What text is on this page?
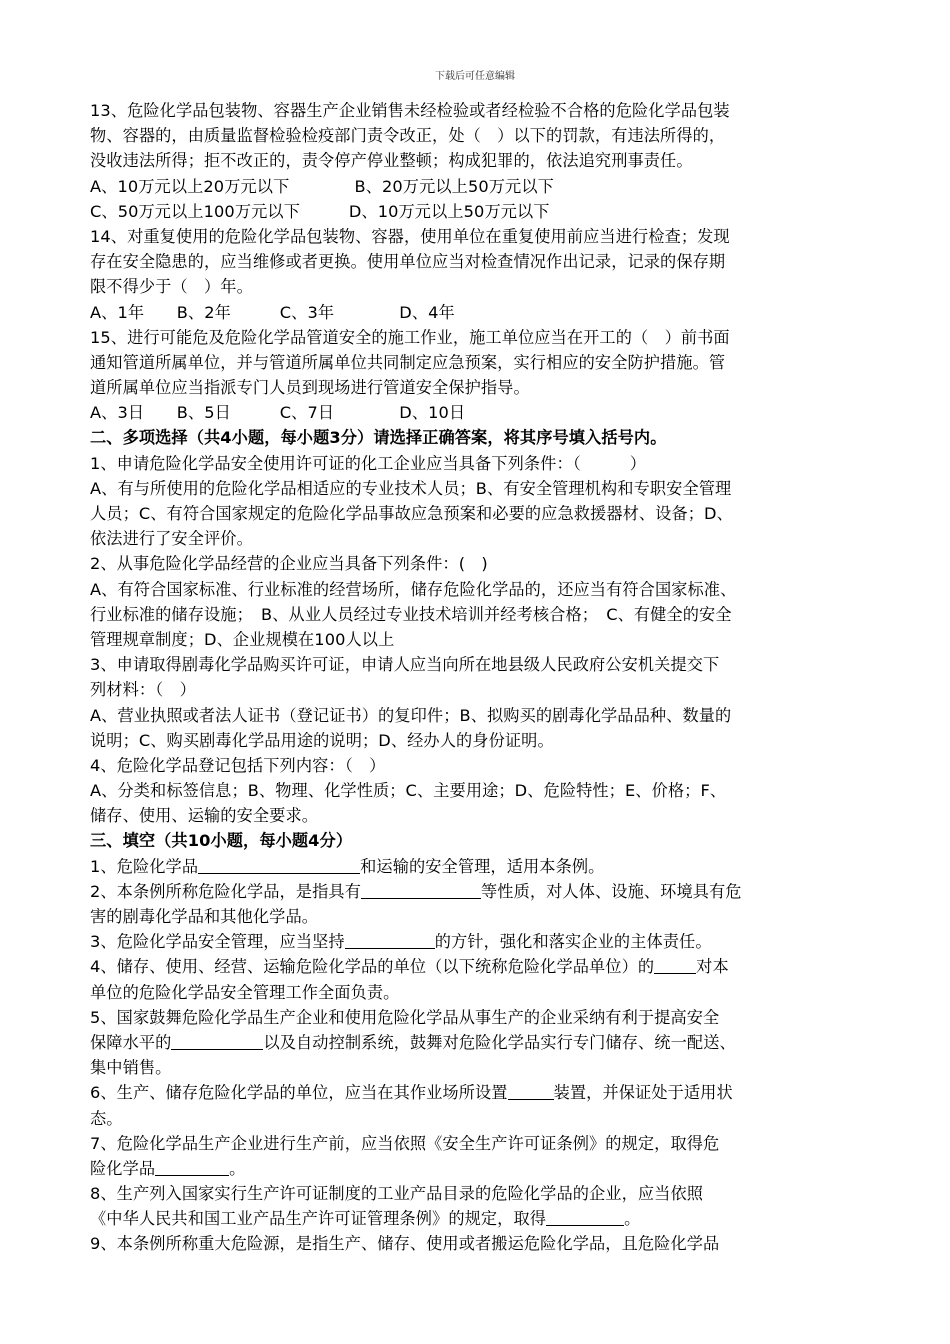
下载后可任意编辑
13、危险化学品包装物、容器生产企业销售未经检验或者经检验不合格的危险化学品包装
物、容器的，由质量监督检验检疫部门责令改正，处（　）以下的罚款，有违法所得的，
没收违法所得；拒不改正的，责令停产停业整顿；构成犯罪的，依法追究刑事责任。
A、10万元以上20万元以下　　　　B、20万元以上50万元以下
C、50万元以上100万元以下　　　D、10万元以上50万元以下
14、对重复使用的危险化学品包装物、容器，使用单位在重复使用前应当进行检查；发现
存在安全隐患的，应当维修或者更换。使用单位应当对检查情况作出记录，记录的保存期
限不得少于（　）年。
A、1年　　B、2年　　　C、3年　　　　D、4年
15、进行可能危及危险化学品管道安全的施工作业，施工单位应当在开工的（　）前书面
通知管道所属单位，并与管道所属单位共同制定应急预案，实行相应的安全防护措施。管
道所属单位应当指派专门人员到现场进行管道安全保护指导。
A、3日　　B、5日　　　C、7日　　　　D、10日
二、多项选择（共4小题，每小题3分）请选择正确答案，将其序号填入括号内。
1、申请危险化学品安全使用许可证的化工企业应当具备下列条件：（　　　）
A、有与所使用的危险化学品相适应的专业技术人员；B、有安全管理机构和专职安全管理
人员；C、有符合国家规定的危险化学品事故应急预案和必要的应急救援器材、设备；D、
依法进行了安全评价。
2、从事危险化学品经营的企业应当具备下列条件：(　)
A、有符合国家标准、行业标准的经营场所，储存危险化学品的，还应当有符合国家标准、
行业标准的储存设施；　B、从业人员经过专业技术培训并经考核合格；　C、有健全的安全
管理规章制度；D、企业规模在100人以上
3、申请取得剧毒化学品购买许可证，申请人应当向所在地县级人民政府公安机关提交下
列材料：（　）
A、营业执照或者法人证书（登记证书）的复印件；B、拟购买的剧毒化学品品种、数量的
说明；C、购买剧毒化学品用途的说明；D、经办人的身份证明。
4、危险化学品登记包括下列内容：（　）
A、分类和标签信息；B、物理、化学性质；C、主要用途；D、危险特性；E、价格；F、
储存、使用、运输的安全要求。
三、填空（共10小题，每小题4分）
1、危险化学品	和运输的安全管理，适用本条例。
2、本条例所称危险化学品，是指具有	等性质，对人体、设施、环境具有危
害的剧毒化学品和其他化学品。
3、危险化学品安全管理，应当坚持	的方针，强化和落实企业的主体责任。
4、储存、使用、经营、运输危险化学品的单位（以下统称危险化学品单位）的	对本
单位的危险化学品安全管理工作全面负责。
5、国家鼓舞危险化学品生产企业和使用危险化学品从事生产的企业采纳有利于提高安全
保障水平的	以及自动控制系统，鼓舞对危险化学品实行专门储存、统一配送、
集中销售。
6、生产、储存危险化学品的单位，应当在其作业场所设置	装置，并保证处于适用状
态。
7、危险化学品生产企业进行生产前，应当依照《安全生产许可证条例》的规定，取得危
险化学品	。
8、生产列入国家实行生产许可证制度的工业产品目录的危险化学品的企业，应当依照
《中华人民共和国工业产品生产许可证管理条例》的规定，取得	。
9、本条例所称重大危险源，是指生产、储存、使用或者搬运危险化学品，且危险化学品
